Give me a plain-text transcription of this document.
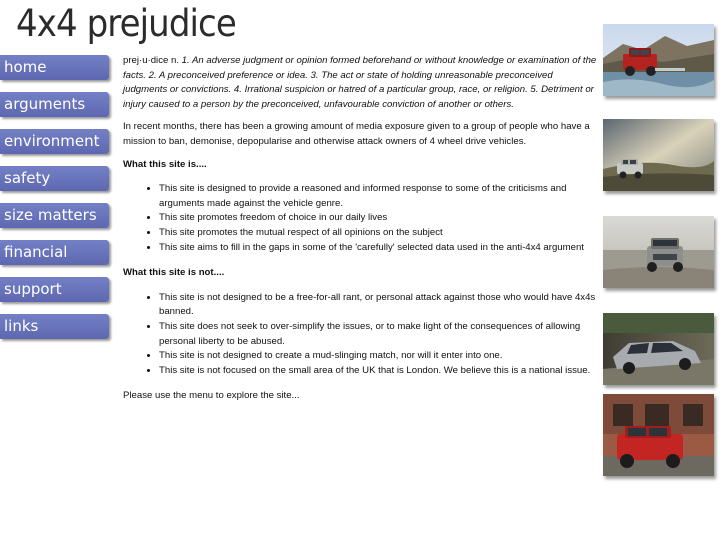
4x4 prejudice
home
arguments
environment
safety
size matters
financial
support
links

prej·u·dice n. 1. An adverse judgment or opinion formed beforehand or without knowledge or examination of the facts. 2. A preconceived preference or idea. 3. The act or state of holding unreasonable preconceived judgments or convictions. 4. Irrational suspicion or hatred of a particular group, race, or religion. 5. Detriment or injury caused to a person by the preconceived, unfavourable conviction of another or others.

In recent months, there has been a growing amount of media exposure given to a group of people who have a mission to ban, demonise, depopularise and otherwise attack owners of 4 wheel drive vehicles.

What this site is....

• This site is designed to provide a reasoned and informed response to some of the criticisms and arguments made against the vehicle genre.
• This site promotes freedom of choice in our daily lives
• This site promotes the mutual respect of all opinions on the subject
• This site aims to fill in the gaps in some of the 'carefully' selected data used in the anti-4x4 argument

What this site is not....

• This site is not designed to be a free-for-all rant, or personal attack against those who would have 4x4s banned.
• This site does not seek to over-simplify the issues, or to make light of the consequences of allowing personal liberty to be abused.
• This site is not designed to create a mud-slinging match, nor will it enter into one.
• This site is not focused on the small area of the UK that is London. We believe this is a national issue.

Please use the menu to explore the site...
